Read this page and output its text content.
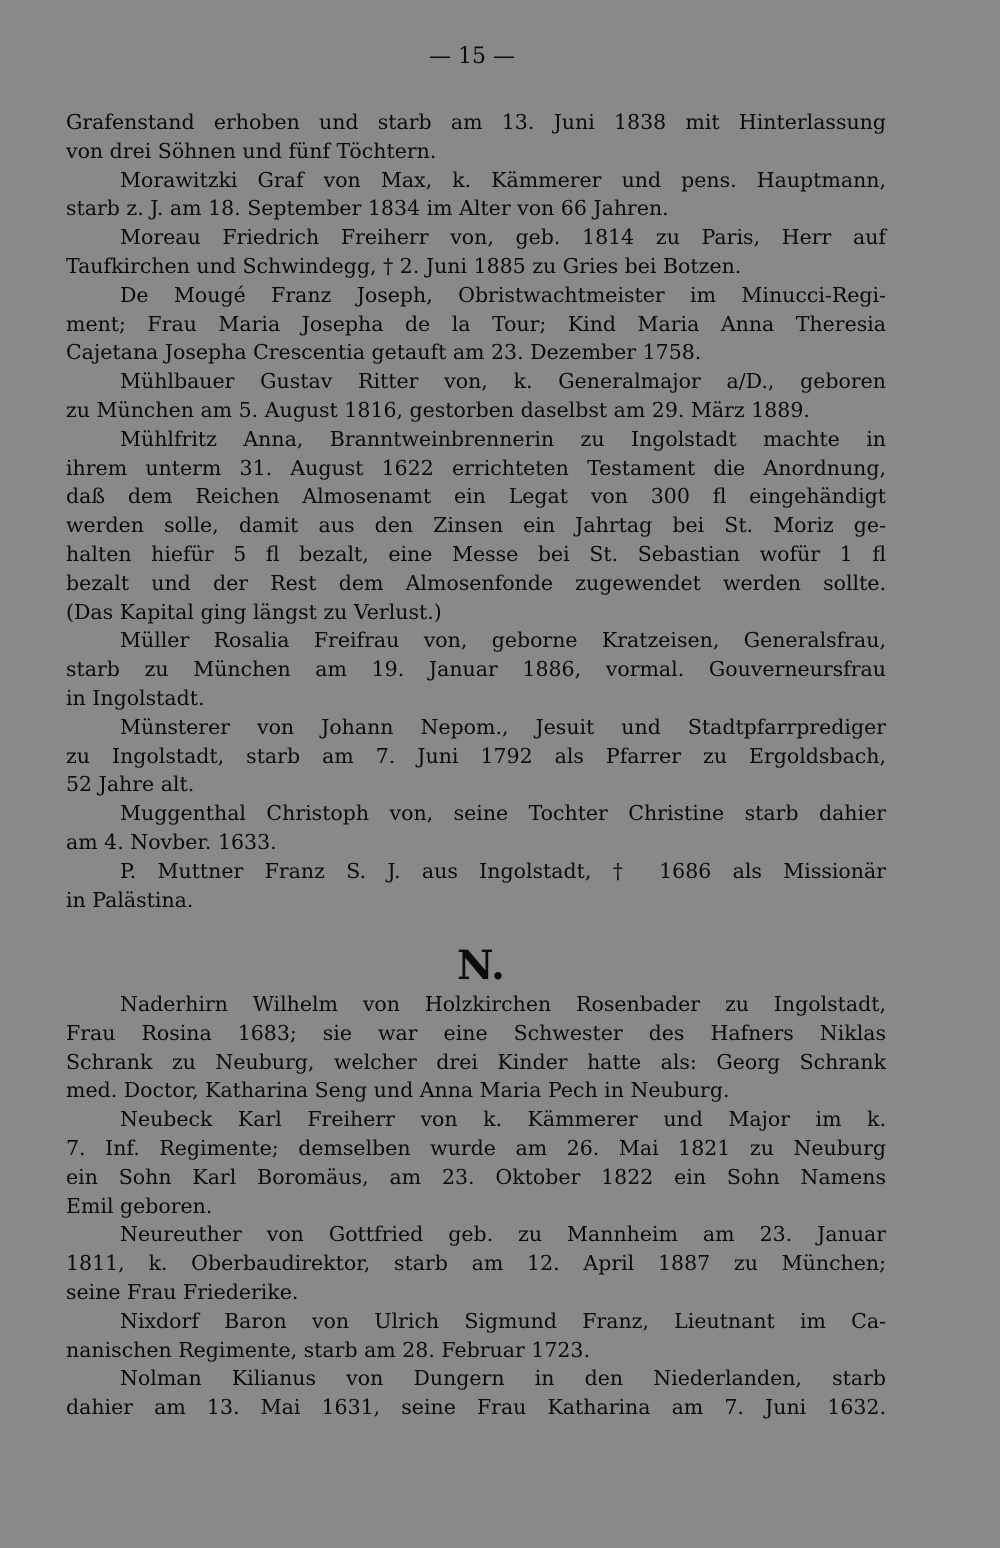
— 15 —
Grafenstand erhoben und starb am 13. Juni 1838 mit Hinterlassung
von drei Söhnen und fünf Töchtern.
Morawitzki Graf von Max, k. Kämmerer und pens. Hauptmann,
starb z. J. am 18. September 1834 im Alter von 66 Jahren.
Moreau Friedrich Freiherr von, geb. 1814 zu Paris, Herr auf
Taufkirchen und Schwindegg, † 2. Juni 1885 zu Gries bei Botzen.
De Mougé Franz Joseph, Obristwachtmeister im Minucci-Regi-
ment; Frau Maria Josepha de la Tour; Kind Maria Anna Theresia
Cajetana Josepha Crescentia getauft am 23. Dezember 1758.
Mühlbauer Gustav Ritter von, k. Generalmajor a/D., geboren
zu München am 5. August 1816, gestorben daselbst am 29. März 1889.
Mühlfritz Anna, Branntweinbrennerin zu Ingolstadt machte in
ihrem unterm 31. August 1622 errichteten Testament die Anordnung,
daß dem Reichen Almosenamt ein Legat von 300 fl eingehändigt
werden solle, damit aus den Zinsen ein Jahrtag bei St. Moriz ge-
halten hiefür 5 fl bezalt, eine Messe bei St. Sebastian wofür 1 fl
bezalt und der Rest dem Almosenfonde zugewendet werden sollte.
(Das Kapital ging längst zu Verlust.)
Müller Rosalia Freifrau von, geborne Kratzeisen, Generalsfrau,
starb zu München am 19. Januar 1886, vormal. Gouverneursfrau
in Ingolstadt.
Münsterer von Johann Nepom., Jesuit und Stadtpfarrprediger
zu Ingolstadt, starb am 7. Juni 1792 als Pfarrer zu Ergoldsbach,
52 Jahre alt.
Muggenthal Christoph von, seine Tochter Christine starb dahier
am 4. Novber. 1633.
P. Muttner Franz S. J. aus Ingolstadt, † 1686 als Missionär
in Palästina.
N.
Naderhirn Wilhelm von Holzkirchen Rosenbader zu Ingolstadt,
Frau Rosina 1683; sie war eine Schwester des Hafners Niklas
Schrank zu Neuburg, welcher drei Kinder hatte als: Georg Schrank
med. Doctor, Katharina Seng und Anna Maria Pech in Neuburg.
Neubeck Karl Freiherr von k. Kämmerer und Major im k.
7. Inf. Regimente; demselben wurde am 26. Mai 1821 zu Neuburg
ein Sohn Karl Boromäus, am 23. Oktober 1822 ein Sohn Namens
Emil geboren.
Neureuther von Gottfried geb. zu Mannheim am 23. Januar
1811, k. Oberbaudirektor, starb am 12. April 1887 zu München;
seine Frau Friederike.
Nixdorf Baron von Ulrich Sigmund Franz, Lieutnant im Ca-
nanischen Regimente, starb am 28. Februar 1723.
Nolman Kilianus von Dungern in den Niederlanden, starb
dahier am 13. Mai 1631, seine Frau Katharina am 7. Juni 1632.
